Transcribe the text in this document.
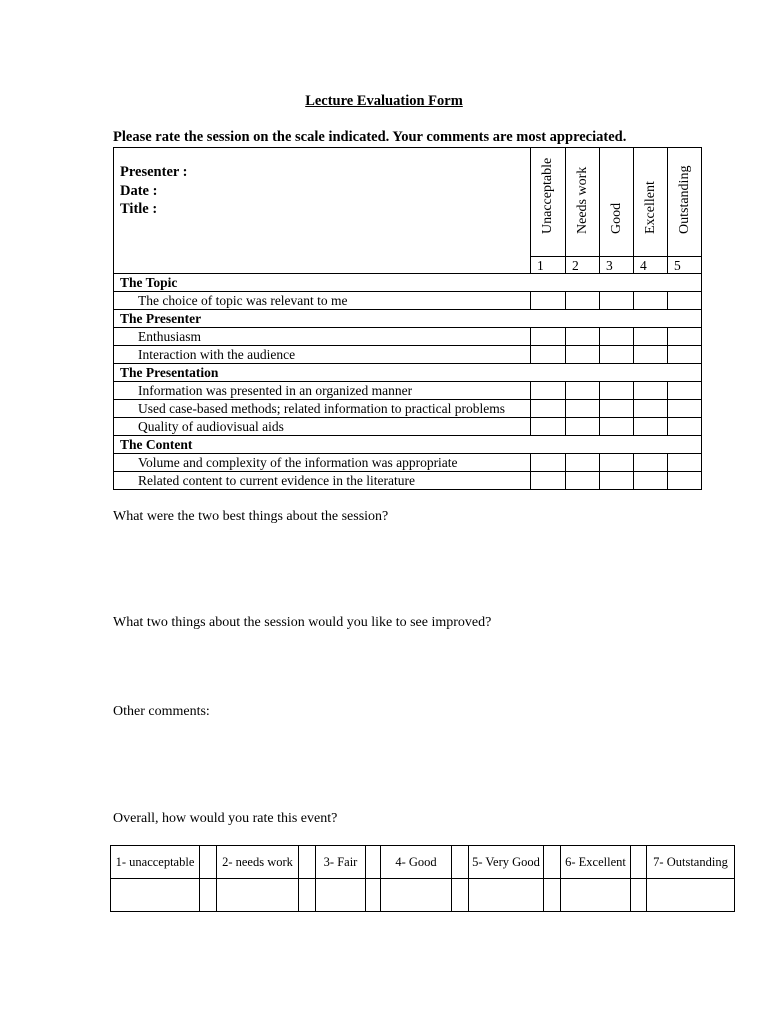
Lecture Evaluation Form
Please rate the session on the scale indicated. Your comments are most appreciated.
Presenter :
Date :
Title :	Unacceptable	Needs work	Good	Excellent	Outstanding

	1	2	3	4	5
The Topic					
The choice of topic was relevant to me					
The Presenter					
Enthusiasm					
Interaction with the audience					
The Presentation					
Information was presented in an organized manner					
Used case-based methods; related information to practical problems					
Quality of audiovisual aids					
The Content					
Volume and complexity of the information was appropriate					
Related content to current evidence in the literature					
What were the two best things about the session?
What two things about the session would you like to see improved?
Other comments:
Overall, how would you rate this event?
1- unacceptable		2- needs work		3- Fair		4- Good		5- Very Good		6- Excellent		7- Outstanding
